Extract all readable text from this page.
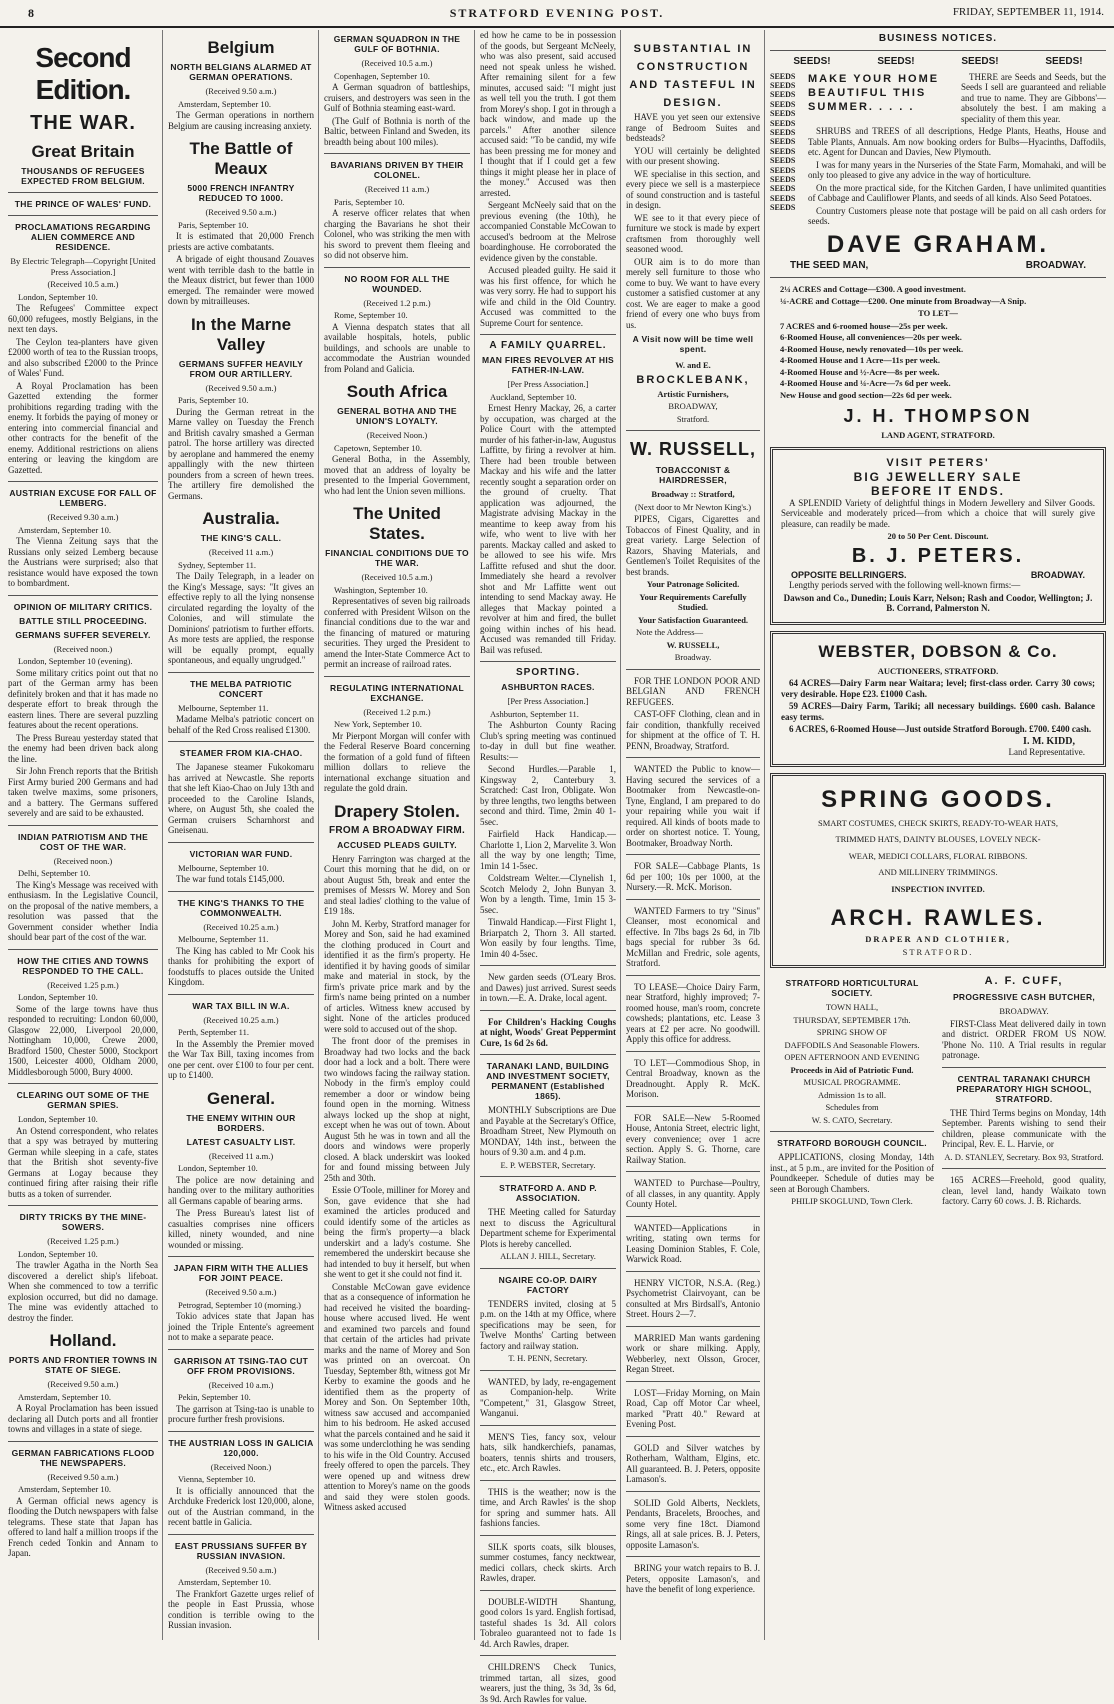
8	STRATFORD EVENING POST.	FRIDAY, SEPTEMBER 11, 1914.
Second Edition.
THE WAR.
Great Britain
THOUSANDS OF REFUGEES EXPECTED FROM BELGIUM.
THE PRINCE OF WALES' FUND.
PROCLAMATIONS REGARDING ALIEN COMMERCE AND RESIDENCE.
By Electric Telegraph—Copyright [United Press Association.]
(Received 10.5 a.m.)
London, September 10.

The Refugees' Committee expect 60,000 refugees, mostly Belgians, in the next ten days.

The Ceylon tea-planters have given £2000 worth of tea to the Russian troops, and also subscribed £2000 to the Prince of Wales' Fund.

A Royal Proclamation has been Gazetted extending the former prohibitions regarding trading with the enemy. It forbids the paying of money or entering into commercial financial and other contracts for the benefit of the enemy. Additional restrictions on aliens entering or leaving the kingdom are Gazetted.

AUSTRIAN EXCUSE FOR FALL OF LEMBERG.
(Received 9.30 a.m.)
Amsterdam, September 10.

The Vienna Zeitung says that the Russians only seized Lemberg because the Austrians were surprised; also that resistance would have exposed the town to bombardment.

OPINION OF MILITARY CRITICS.
BATTLE STILL PROCEEDING.
GERMANS SUFFER SEVERELY.
(Received noon.)
London, September 10 (evening).

Some military critics point out that no part of the German army has been definitely broken and that it has made no desperate effort to break through the eastern lines. There are several puzzling features about the recent operations.

The Press Bureau yesterday stated that the enemy had been driven back along the line.

Sir John French reports that the British First Army buried 200 Germans and had taken twelve maxims, some prisoners, and a battery. The Germans suffered severely and are said to be exhausted.

INDIAN PATRIOTISM AND THE COST OF THE WAR.
(Received noon.)
Delhi, September 10.

The King's Message was received with enthusiasm. In the Legislative Council, on the proposal of the native members, a resolution was passed that the Government consider whether India should bear part of the cost of the war.

HOW THE CITIES AND TOWNS RESPONDED TO THE CALL.
(Received 1.25 p.m.)
London, September 10.

Some of the large towns have thus responded to recruiting: London 60,000, Glasgow 22,000, Liverpool 20,000, Nottingham 10,000, Crewe 2000, Bradford 1500, Chester 5000, Stockport 1500, Leicester 4000, Oldham 2000, Middlesborough 5000, Bury 4000.

CLEARING OUT SOME OF THE GERMAN SPIES.
London, September 10.

An Ostend correspondent, who relates that a spy was betrayed by muttering German while sleeping in a cafe, states that the British shot seventy-five Germans at Logay because they continued firing after raising their rifle butts as a token of surrender.

DIRTY TRICKS BY THE MINE-SOWERS.
(Received 1.25 p.m.)
London, September 10.

The trawler Agatha in the North Sea discovered a derelict ship's lifeboat. When she commenced to tow a terrific explosion occurred, but did no damage. The mine was evidently attached to destroy the finder.

Holland.
PORTS AND FRONTIER TOWNS IN STATE OF SIEGE.
(Received 9.50 a.m.)
Amsterdam, September 10.

A Royal Proclamation has been issued declaring all Dutch ports and all frontier towns and villages in a state of siege.

GERMAN FABRICATIONS FLOOD THE NEWSPAPERS.
(Received 9.50 a.m.)
Amsterdam, September 10.

A German official news agency is flooding the Dutch newspapers with false telegrams. These state that Japan has offered to land half a million troops if the French ceded Tonkin and Annam to Japan.

Belgium
NORTH BELGIANS ALARMED AT GERMAN OPERATIONS.
(Received 9.50 a.m.)
Amsterdam, September 10.

The German operations in northern Belgium are causing increasing anxiety.

The Battle of Meaux
5000 FRENCH INFANTRY REDUCED TO 1000.
(Received 9.50 a.m.)
Paris, September 10.

It is estimated that 20,000 French priests are active combatants.

A brigade of eight thousand Zouaves went with terrible dash to the battle in the Meaux district, but fewer than 1000 emerged. The remainder were mowed down by mitrailleuses.

In the Marne Valley
GERMANS SUFFER HEAVILY FROM OUR ARTILLERY.
(Received 9.50 a.m.)
Paris, September 10.

During the German retreat in the Marne valley on Tuesday the French and British cavalry smashed a German patrol. The horse artillery was directed by aeroplane and hammered the enemy appallingly with the new thirteen pounders from a screen of hewn trees. The artillery fire demolished the Germans.

Australia.
THE KING'S CALL.
(Received 11 a.m.)
Sydney, September 11.

The Daily Telegraph, in a leader on the King's Message, says: "It gives an effective reply to all the lying nonsense circulated regarding the loyalty of the Colonies, and will stimulate the Dominions' patriotism to further efforts. As more tests are applied, the response will be equally prompt, equally spontaneous, and equally ungrudged."

THE MELBA PATRIOTIC CONCERT
Melbourne, September 11.

Madame Melba's patriotic concert on behalf of the Red Cross realised £1300.

STEAMER FROM KIA-CHAO.

The Japanese steamer Fukokomaru has arrived at Newcastle. She reports that she left Kiao-Chao on July 13th and proceeded to the Caroline Islands, where, on August 5th, she coaled the German cruisers Scharnhorst and Gneisenau.

VICTORIAN WAR FUND.
Melbourne, September 10.

The war fund totals £145,000.

THE KING'S THANKS TO THE COMMONWEALTH.
(Received 10.25 a.m.)
Melbourne, September 11.

The King has cabled to Mr Cook his thanks for prohibiting the export of foodstuffs to places outside the United Kingdom.

WAR TAX BILL IN W.A.
(Received 10.25 a.m.)
Perth, September 11.

In the Assembly the Premier moved the War Tax Bill, taxing incomes from one per cent. over £100 to four per cent. up to £1400.

General.
THE ENEMY WITHIN OUR BORDERS.
LATEST CASUALTY LIST.
(Received 11 a.m.)
London, September 10.

The police are now detaining and handing over to the military authorities all Germans capable of bearing arms.

The Press Bureau's latest list of casualties comprises nine officers killed, ninety wounded, and nine wounded or missing.

JAPAN FIRM WITH THE ALLIES FOR JOINT PEACE.
(Received 9.50 a.m.)
Petrograd, September 10 (morning.)

Tokio advices state that Japan has joined the Triple Entente's agreement not to make a separate peace.

GARRISON AT TSING-TAO CUT OFF FROM PROVISIONS.
(Received 10 a.m.)
Pekin, September 10.

The garrison at Tsing-tao is unable to procure further fresh provisions.

THE AUSTRIAN LOSS IN GALICIA 120,000.
(Received Noon.)
Vienna, September 10.

It is officially announced that the Archduke Frederick lost 120,000, alone, out of the Austrian command, in the recent battle in Galicia.

EAST PRUSSIANS SUFFER BY RUSSIAN INVASION.
(Received 9.50 a.m.)
Amsterdam, September 10.

The Frankfort Gazette urges relief of the people in East Prussia, whose condition is terrible owing to the Russian invasion.

GERMAN SQUADRON IN THE GULF OF BOTHNIA.
(Received 10.5 a.m.)
Copenhagen, September 10.

A German squadron of battleships, cruisers, and destroyers was seen in the Gulf of Bothnia steaming east-ward.

(The Gulf of Bothnia is north of the Baltic, between Finland and Sweden, its breadth being about 100 miles).

BAVARIANS DRIVEN BY THEIR COLONEL.
(Received 11 a.m.)
Paris, September 10.

A reserve officer relates that when charging the Bavarians he shot their Colonel, who was striking the men with his sword to prevent them fleeing and so did not observe him.

NO ROOM FOR ALL THE WOUNDED.
(Received 1.2 p.m.)
Rome, September 10.

A Vienna despatch states that all available hospitals, hotels, public buildings, and schools are unable to accommodate the Austrian wounded from Poland and Galicia.

South Africa
GENERAL BOTHA AND THE UNION'S LOYALTY.
(Received Noon.)
Capetown, September 10.

General Botha, in the Assembly, moved that an address of loyalty be presented to the Imperial Government, who had lent the Union seven millions.

The United States.
FINANCIAL CONDITIONS DUE TO THE WAR.
(Received 10.5 a.m.)
Washington, September 10.

Representatives of seven big railroads conferred with President Wilson on the financial conditions due to the war and the financing of matured or maturing securities. They urged the President to amend the Inter-State Commerce Act to permit an increase of railroad rates.

REGULATING INTERNATIONAL EXCHANGE.
(Received 1.2 p.m.)
New York, September 10.

Mr Pierpont Morgan will confer with the Federal Reserve Board concerning the formation of a gold fund of fifteen million dollars to relieve the international exchange situation and regulate the gold drain.

Drapery Stolen.
FROM A BROADWAY FIRM.
ACCUSED PLEADS GUILTY.

Henry Farrington was charged at the Court this morning that he did, on or about August 5th, break and enter the premises of Messrs W. Morey and Son and steal ladies' clothing to the value of £19 18s.

John M. Kerby, Stratford manager for Morey and Son, said he had examined the clothing produced in Court and identified it as the firm's property. He identified it by having goods of similar make and material in stock, by the firm's private price mark and by the firm's name being printed on a number of articles. Witness knew accused by sight. None of the articles produced were sold to accused out of the shop.

The front door of the premises in Broadway had two locks and the back door had a lock and a bolt. There were two windows facing the railway station. Nobody in the firm's employ could remember a door or window being found open in the morning. Witness always locked up the shop at night, except when he was out of town. About August 5th he was in town and all the doors and windows were properly closed. A black underskirt was looked for and found missing between July 25th and 30th.

Essie O'Toole, milliner for Morey and Son, gave evidence that she had examined the articles produced and could identify some of the articles as being the firm's property—a black underskirt and a lady's costume. She remembered the underskirt because she had intended to buy it herself, but when she went to get it she could not find it.

Constable McCowan gave evidence that as a consequence of information he had received he visited the boarding-house where accused lived. He went and examined two parcels and found that certain of the articles had private marks and the name of Morey and Son was printed on an overcoat. On Tuesday, September 8th, witness got Mr Kerby to examine the goods and he identified them as the property of Morey and Son. On September 10th, witness saw accused and accompanied him to his bedroom. He asked accused what the parcels contained and he said it was some underclothing he was sending to his wife in the Old Country. Accused freely offered to open the parcels. They were opened up and witness drew attention to Morey's name on the goods and said they were stolen goods. Witness asked accused

ed how he came to be in possession of the goods, but Sergeant McNeely, who was also present, said accused need not speak unless he wished. After remaining silent for a few minutes, accused said: "I might just as well tell you the truth. I got them from Morey's shop. I got in through a back window, and made up the parcels." After another silence accused said: "To be candid, my wife has been pressing me for money and I thought that if I could get a few things it might please her in place of the money." Accused was then arrested.

Sergeant McNeely said that on the previous evening (the 10th), he accompanied Constable McCowan to accused's bedroom at the Melrose boardinghouse. He corroborated the evidence given by the constable.

Accused pleaded guilty. He said it was his first offence, for which he was very sorry. He had to support his wife and child in the Old Country. Accused was committed to the Supreme Court for sentence.

A FAMILY QUARREL.
MAN FIRES REVOLVER AT HIS FATHER-IN-LAW.
[Per Press Association.]
Auckland, September 10.

Ernest Henry Mackay, 26, a carter by occupation, was charged at the Police Court with the attempted murder of his father-in-law, Augustus Laffitte, by firing a revolver at him. There had been trouble between Mackay and his wife and the latter recently sought a separation order on the ground of cruelty. That application was adjourned, the Magistrate advising Mackay in the meantime to keep away from his wife, who went to live with her parents. Mackay called and asked to be allowed to see his wife. Mrs Laffitte refused and shut the door. Immediately she heard a revolver shot and Mr Laffitte went out intending to send Mackay away. He alleges that Mackay pointed a revolver at him and fired, the bullet going within inches of his head. Accused was remanded till Friday. Bail was refused.

SPORTING.
ASHBURTON RACES.
[Per Press Association.]
Ashburton, September 11.

The Ashburton County Racing Club's spring meeting was continued to-day in dull but fine weather. Results:—

Second Hurdles.—Parable 1, Kingsway 2, Canterbury 3. Scratched: Cast Iron, Obligate. Won by three lengths, two lengths between second and third. Time, 2min 40 1-5sec.

Fairfield Hack Handicap.—Charlotte 1, Lion 2, Marvelite 3. Won all the way by one length; Time, 1min 14 1-5sec.

Coldstream Welter.—Clynelish 1, Scotch Melody 2, John Bunyan 3. Won by a length. Time, 1min 15 3-5sec.

Tinwald Handicap.—First Flight 1, Briarpatch 2, Thorn 3. All started. Won easily by four lengths. Time, 1min 40 4-5sec.

New garden seeds (O'Leary Bros. and Dawes) just arrived. Surest seeds in town.—E. A. Drake, local agent.

For Children's Hacking Coughs at night, Woods' Great Peppermint Cure, 1s 6d 2s 6d.

TARANAKI LAND, BUILDING AND INVESTMENT SOCIETY, PERMANENT (Established 1865).

MONTHLY Subscriptions are Due and Payable at the Secretary's Office, Broadham Street, New Plymouth on MONDAY, 14th inst., between the hours of 9.30 a.m. and 4 p.m.

E. P. WEBSTER, Secretary.
STRATFORD A. AND P. ASSOCIATION.

THE Meeting called for Saturday next to discuss the Agricultural Department scheme for Experimental Plots is hereby cancelled.

ALLAN J. HILL, Secretary.
NGAIRE CO-OP. DAIRY FACTORY

TENDERS invited, closing at 5 p.m. on the 14th at my Office, where specifications may be seen, for Twelve Months' Carting between factory and railway station.

T. H. PENN, Secretary.

WANTED, by lady, re-engagement as Companion-help. Write "Competent," 31, Glasgow Street, Wanganui.

MEN'S Ties, fancy sox, velour hats, silk handkerchiefs, panamas, boaters, tennis shirts and trousers, etc., etc. Arch Rawles.

THIS is the weather; now is the time, and Arch Rawles' is the shop for spring and summer hats. All fashions fancies.

SILK sports coats, silk blouses, summer costumes, fancy necktwear, medici collars, check skirts. Arch Rawles, draper.

DOUBLE-WIDTH Shantung, good colors 1s yard. English fortisad, tasteful shades 1s 3d. All colors Tobraleo guaranteed not to fade 1s 4d. Arch Rawles, draper.

CHILDREN'S Check Tunics, trimmed tartan, all sizes, good wearers, just the thing, 3s 3d, 3s 6d, 3s 9d. Arch Rawles for value.

SUBSTANTIAL IN CONSTRUCTION AND TASTEFUL IN DESIGN.

HAVE you yet seen our extensive range of Bedroom Suites and bedsteads?

YOU will certainly be delighted with our present showing.

WE specialise in this section, and every piece we sell is a masterpiece of sound construction and is tasteful in design.

WE see to it that every piece of furniture we stock is made by expert craftsmen from thoroughly well seasoned wood.

OUR aim is to do more than merely sell furniture to those who come to buy. We want to have every customer a satisfied customer at any cost. We are eager to make a good friend of every one who buys from us.

A Visit now will be time well spent.
W. and E.
BROCKLEBANK,
Artistic Furnishers,
BROADWAY,
Stratford.
W. RUSSELL,
TOBACCONIST & HAIRDRESSER,
Broadway :: Stratford,
(Next door to Mr Newton King's.)

PIPES, Cigars, Cigarettes and Tobaccos of Finest Quality, and in great variety. Large Selection of Razors, Shaving Materials, and Gentlemen's Toilet Requisites of the best brands.

Your Patronage Solicited.
Your Requirements Carefully Studied.
Your Satisfaction Guaranteed.
Note the Address—
W. RUSSELL,
Broadway.

FOR THE LONDON POOR AND BELGIAN AND FRENCH REFUGEES.

CAST-OFF Clothing, clean and in fair condition, thankfully received for shipment at the office of T. H. PENN, Broadway, Stratford.

WANTED the Public to know—Having secured the services of a Bootmaker from Newcastle-on-Tyne, England, I am prepared to do your repairing while you wait if required. All kinds of boots made to order on shortest notice. T. Young, Bootmaker, Broadway North.

FOR SALE—Cabbage Plants, 1s 6d per 100; 10s per 1000, at the Nursery.—R. McK. Morison.

WANTED Farmers to try "Sinus" Cleanser, most economical and effective. In 7lbs bags 2s 6d, in 7lb bags special for rubber 3s 6d. McMillan and Fredric, sole agents, Stratford.

TO LEASE—Choice Dairy Farm, near Stratford, highly improved; 7-roomed house, man's room, concrete cowsheds; plantations, etc. Lease 3 years at £2 per acre. No goodwill. Apply this office for address.

TO LET—Commodious Shop, in Central Broadway, known as the Dreadnought. Apply R. McK. Morison.

FOR SALE—New 5-Roomed House, Antonia Street, electric light, every convenience; over 1 acre section. Apply S. G. Thorne, care Railway Station.

WANTED to Purchase—Poultry, of all classes, in any quantity. Apply County Hotel.

WANTED—Applications in writing, stating own terms for Leasing Dominion Stables, F. Cole, Warwick Road.

HENRY VICTOR, N.S.A. (Reg.) Psychometrist Clairvoyant, can be consulted at Mrs Birdsall's, Antonio Street. Hours 2—7.

MARRIED Man wants gardening work or share milking. Apply, Webberley, next Olsson, Grocer, Regan Street.

LOST—Friday Morning, on Main Road, Cap off Motor Car wheel, marked "Pratt 40." Reward at Evening Post.

GOLD and Silver watches by Rotherham, Waltham, Elgins, etc. All guaranteed. B. J. Peters, opposite Lamason's.

SOLID Gold Alberts, Necklets, Pendants, Bracelets, Brooches, and some very fine 18ct. Diamond Rings, all at sale prices. B. J. Peters, opposite Lamason's.

BRING your watch repairs to B. J. Peters, opposite Lamason's, and have the benefit of long experience.

BUSINESS NOTICES.
SEEDS!	SEEDS!	SEEDS!	SEEDS!
SEEDS
SEEDS
SEEDS
SEEDS
SEEDS
SEEDS
SEEDS
SEEDS
SEEDS
SEEDS
SEEDS
SEEDS
SEEDS
SEEDS
SEEDS
MAKE YOUR HOME
BEAUTIFUL THIS
SUMMER. . . . .

THERE are Seeds and Seeds, but the Seeds I sell are guaranteed and reliable and true to name. They are Gibbons'—absolutely the best. I am making a speciality of them this year.

SHRUBS and TREES of all descriptions, Hedge Plants, Heaths, House and Table Plants, Annuals. Am now booking orders for Bulbs—Hyacinths, Daffodils, etc. Agent for Duncan and Davies, New Plymouth.

I was for many years in the Nurseries of the State Farm, Momahaki, and will be only too pleased to give any advice in the way of horticulture.

On the more practical side, for the Kitchen Garden, I have unlimited quantities of Cabbage and Cauliflower Plants, and seeds of all kinds. Also Seed Potatoes.

Country Customers please note that postage will be paid on all cash orders for seeds.

DAVE GRAHAM.
THE SEED MAN,	BROADWAY.
2¼ ACRES and Cottage—£300. A good investment.
¼-ACRE and Cottage—£200. One minute from Broadway—A Snip.
TO LET—
7 ACRES and 6-roomed house—25s per week.
6-Roomed House, all conveniences—20s per week.
4-Roomed House, newly renovated—10s per week.
4-Roomed House and 1 Acre—11s per week.
4-Roomed House and ½-Acre—8s per week.
4-Roomed House and ¼-Acre—7s 6d per week.
New House and good section—22s 6d per week.
J. H. THOMPSON
LAND AGENT, STRATFORD.
VISIT PETERS'
BIG JEWELLERY SALE
BEFORE IT ENDS.

A SPLENDID Variety of delightful things in Modern Jewellery and Silver Goods. Serviceable and moderately priced—from which a choice that will surely give pleasure, can readily be made.

20 to 50 Per Cent. Discount.
B. J. PETERS.
OPPOSITE BELLRINGERS.	BROADWAY.

Lengthy periods served with the following well-known firms:—

Dawson and Co., Dunedin; Louis Karr, Nelson; Rash and Coodor, Wellington; J. B. Corrand, Palmerston N.

WEBSTER, DOBSON & Co.
AUCTIONEERS, STRATFORD.

64 ACRES—Dairy Farm near Waitara; level; first-class order. Carry 30 cows; very desirable. Hope £23. £1000 Cash.

59 ACRES—Dairy Farm, Tariki; all necessary buildings. £600 cash. Balance easy terms.

6 ACRES, 6-Roomed House—Just outside Stratford Borough. £700. £400 cash.

I. M. KIDD,
Land Representative.
SPRING GOODS.
SMART COSTUMES, CHECK SKIRTS, READY-TO-WEAR HATS,
TRIMMED HATS, DAINTY BLOUSES, LOVELY NECK-
WEAR, MEDICI COLLARS, FLORAL RIBBONS.
AND MILLINERY TRIMMINGS.
INSPECTION INVITED.
ARCH. RAWLES.
DRAPER AND CLOTHIER,
STRATFORD.
STRATFORD HORTICULTURAL SOCIETY.
TOWN HALL,
THURSDAY, SEPTEMBER 17th.
SPRING SHOW OF
DAFFODILS And Seasonable Flowers.
OPEN AFTERNOON AND EVENING
Proceeds in Aid of Patriotic Fund.
MUSICAL PROGRAMME.
Admission 1s to all.
Schedules from
W. S. CATO, Secretary.
STRATFORD BOROUGH COUNCIL.

APPLICATIONS, closing Monday, 14th inst., at 5 p.m., are invited for the Position of Poundkeeper. Schedule of duties may be seen at Borough Chambers.

PHILIP SKOGLUND, Town Clerk.
A. F. CUFF,
PROGRESSIVE CASH BUTCHER,
BROADWAY.

FIRST-Class Meat delivered daily in town and district. ORDER FROM US NOW. 'Phone No. 110. A Trial results in regular patronage.

CENTRAL TARANAKI CHURCH PREPARATORY HIGH SCHOOL, STRATFORD.

THE Third Terms begins on Monday, 14th September. Parents wishing to send their children, please communicate with the Principal, Rev. E. L. Harvie, or

A. D. STANLEY, Secretary. Box 93, Stratford.

165 ACRES—Freehold, good quality, clean, level land, handy Waikato town factory. Carry 60 cows. J. B. Richards.
